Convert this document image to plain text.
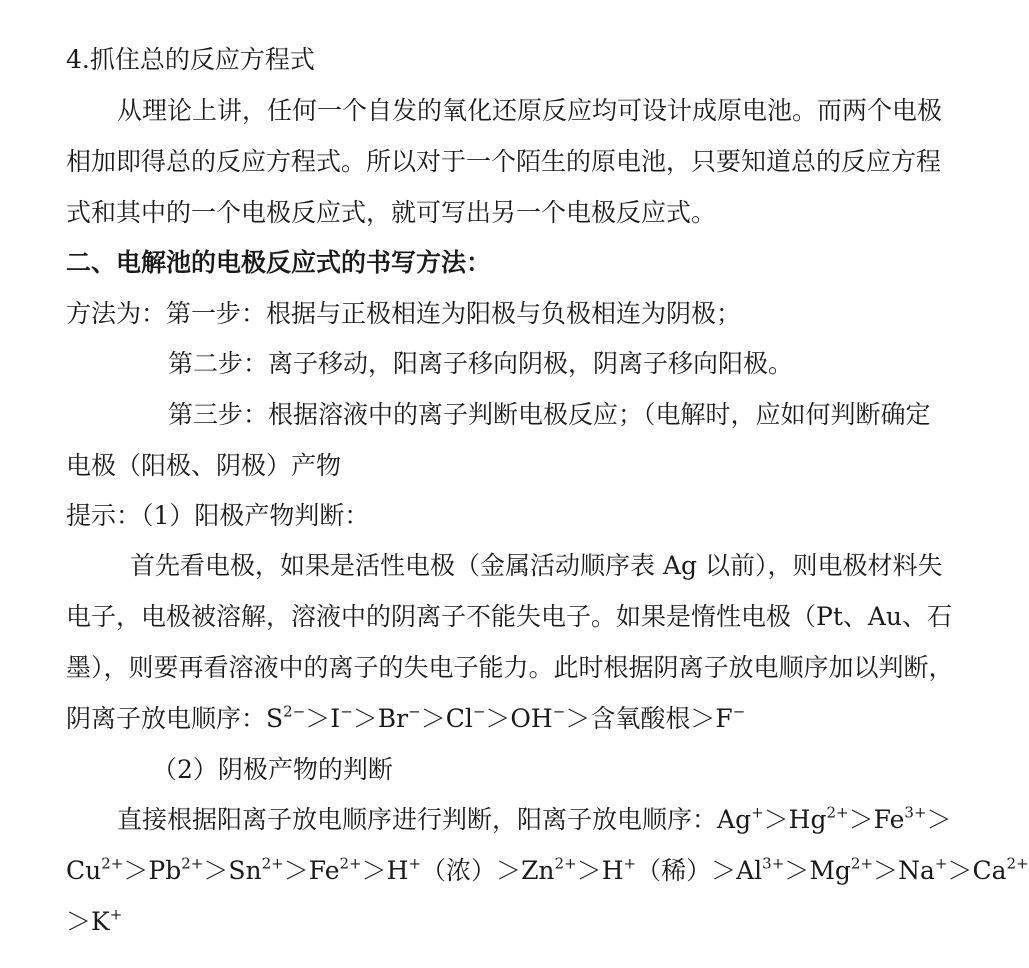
4.抓住总的反应方程式
从理论上讲，任何一个自发的氧化还原反应均可设计成原电池。而两个电极
相加即得总的反应方程式。所以对于一个陌生的原电池，只要知道总的反应方程
式和其中的一个电极反应式，就可写出另一个电极反应式。
二、电解池的电极反应式的书写方法：
方法为：第一步：根据与正极相连为阳极与负极相连为阴极；
第二步：离子移动，阳离子移向阴极，阴离子移向阳极。
第三步：根据溶液中的离子判断电极反应；（电解时，应如何判断确定
电极（阳极、阴极）产物
提示：（1）阳极产物判断：
首先看电极，如果是活性电极（金属活动顺序表 Ag 以前），则电极材料失
电子，电极被溶解，溶液中的阴离子不能失电子。如果是惰性电极（Pt、Au、石
墨），则要再看溶液中的离子的失电子能力。此时根据阴离子放电顺序加以判断，
阴离子放电顺序：$S^{2-}>I^->Br^->Cl^->OH^->$含氧酸根＞F−
（2）阴极产物的判断
直接根据阳离子放电顺序进行判断，阳离子放电顺序：$Ag^+>Hg^{2+}>Fe^{3+}>$
$Cu^{2+}>Pb^{2+}>Sn^{2+}>Fe^{2+}>H^+$（浓）$>Zn^{2+}>H^+$（稀）$>Al^{3+}>Mg^{2+}>Na^+>Ca^{2+}$
＞K+
